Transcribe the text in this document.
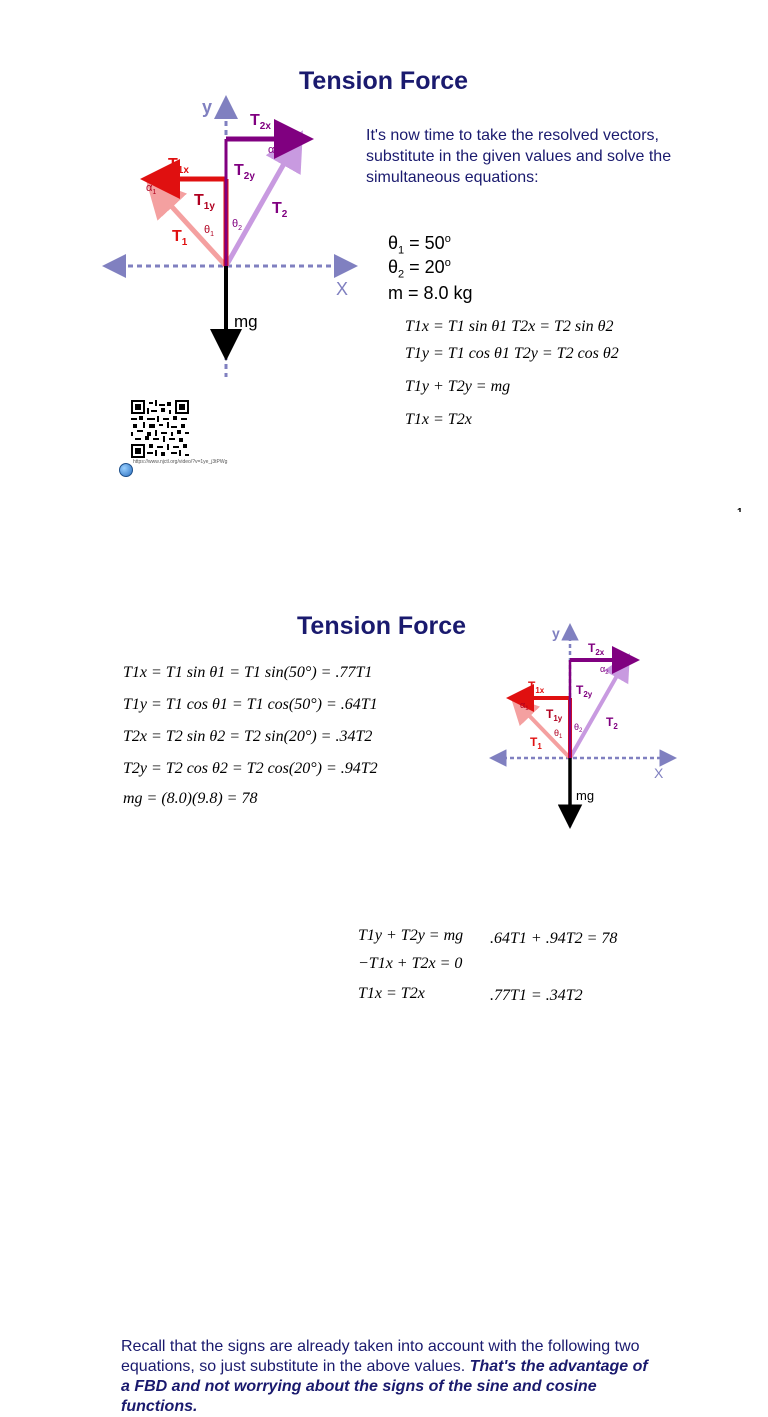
Tension Force
y
X
$T_{2x}$
$T_{1x}$	$T_{2y}$
$T_{1y}$
$T_1$
$T_2$
$\alpha_1$
$\alpha_2$
$\theta_1$
$\theta_2$
mg
It's now time to take the resolved vectors, substitute in the given values and solve the simultaneous equations:
$\theta_1 = 50^o$
$\theta_2 = 20^o$
m = 8.0 kg
T1x = T1 sin θ1 T2x = T2 sin θ2
T1y = T1 cos θ1 T2y = T2 cos θ2
T1y + T2y = mg
T1x = T2x
https://www.njctl.org/video/?v=1ye_j3tPWg
Tension Force
T1x = T1 sin θ1 = T1 sin(50°) = .77T1
T1y = T1 cos θ1 = T1 cos(50°) = .64T1
T2x = T2 sin θ2 = T2 sin(20°) = .34T2
T2y = T2 cos θ2 = T2 cos(20°) = .94T2
mg = (8.0)(9.8) = 78
y
X
$T_{2x}$
$T_{1x}$	$T_{2y}$
$T_{1y}$
$T_1$
$T_2$
$\alpha_1$
$\alpha_2$
$\theta_1$
$\theta_2$
mg
Recall that the signs are already taken into account with the following two equations, so just substitute in the above values. That's the advantage of a FBD and not worrying about the signs of the sine and cosine functions.
T1y + T2y = mg .64T1 + .94T2 = 78
−T1x + T2x = 0
T1x = T2x	.77T1 = .34T2
